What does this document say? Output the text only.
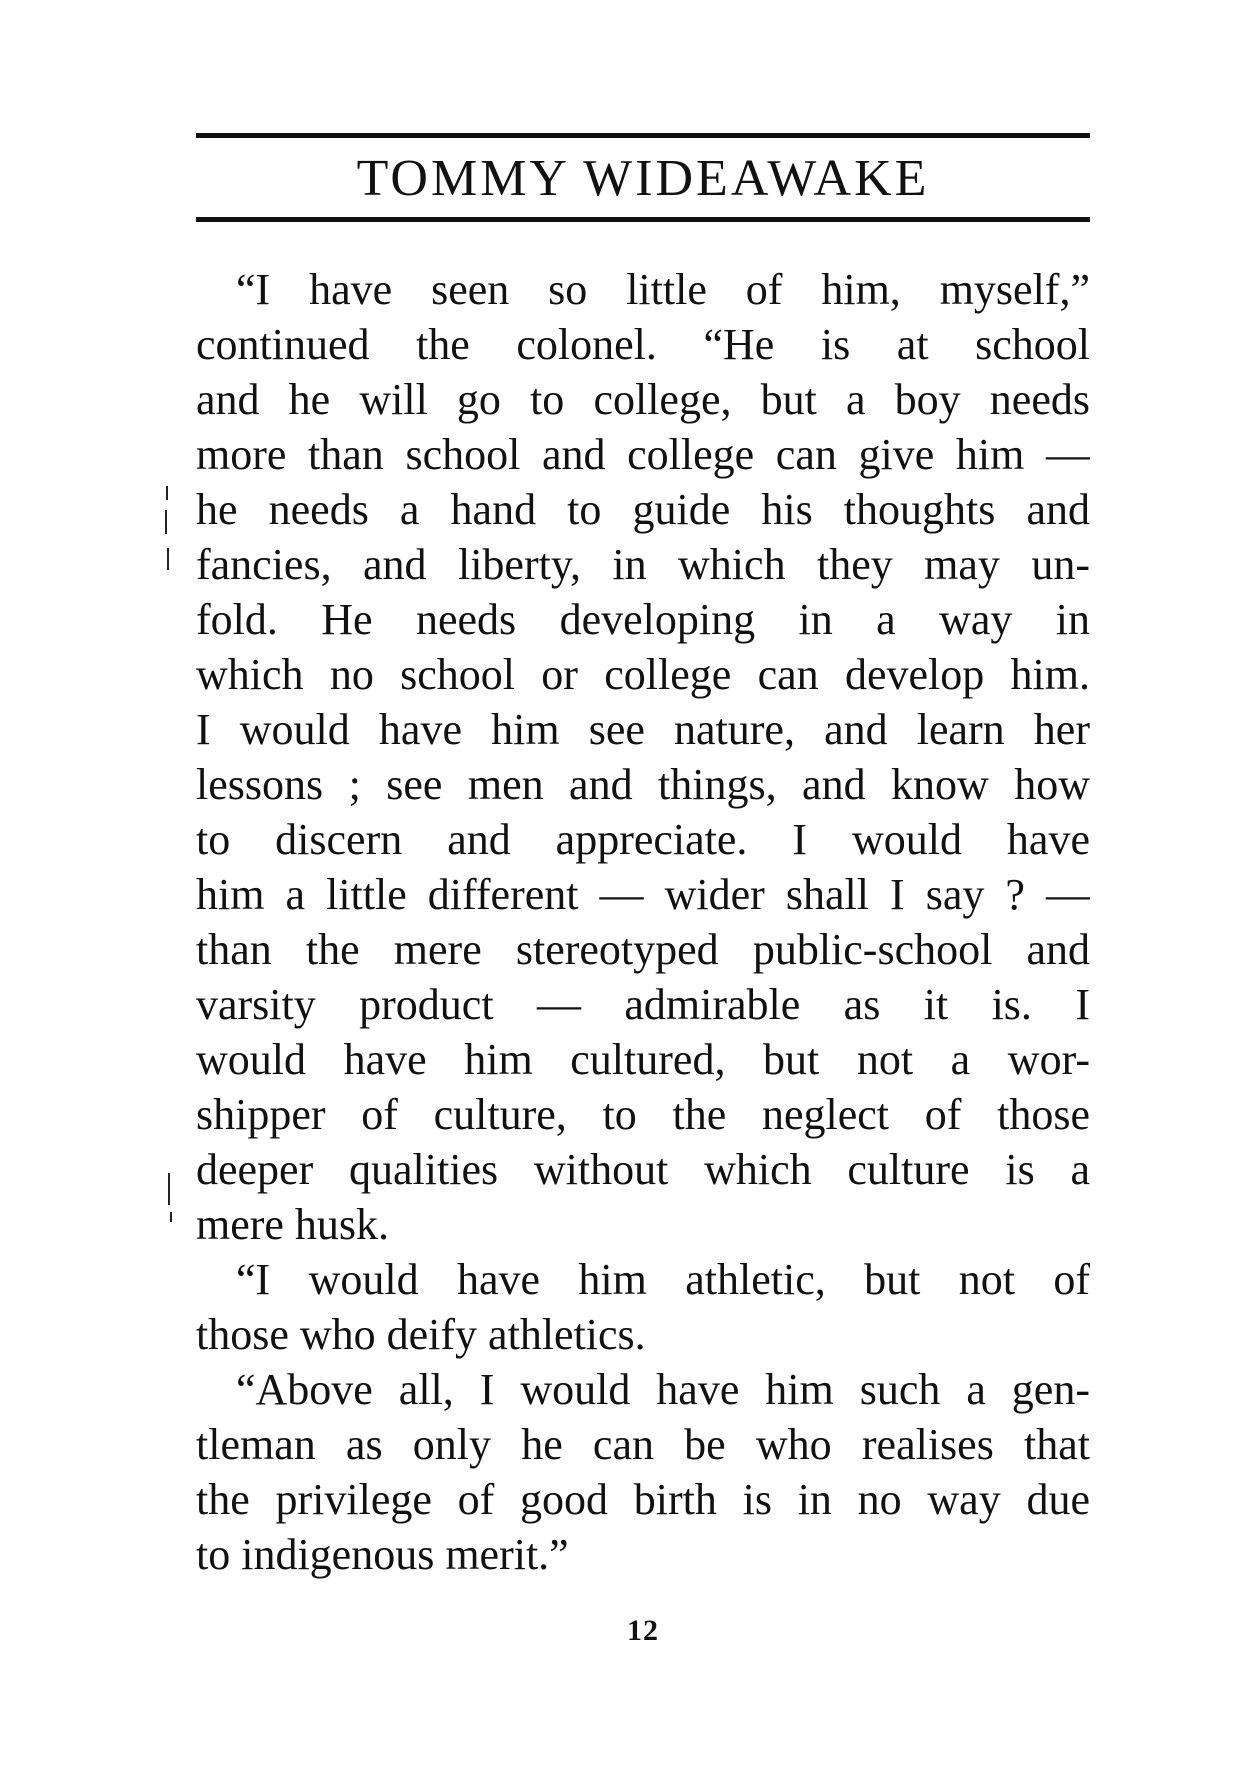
TOMMY WIDEAWAKE
“I have seen so little of him, myself,”
continued the colonel. “He is at school
and he will go to college, but a boy needs
more than school and college can give him —
he needs a hand to guide his thoughts and
fancies, and liberty, in which they may un-
fold. He needs developing in a way in
which no school or college can develop him.
I would have him see nature, and learn her
lessons ; see men and things, and know how
to discern and appreciate. I would have
him a little different — wider shall I say ? —
than the mere stereotyped public-school and
varsity product — admirable as it is. I
would have him cultured, but not a wor-
shipper of culture, to the neglect of those
deeper qualities without which culture is a
mere husk.
“I would have him athletic, but not of
those who deify athletics.
“Above all, I would have him such a gen-
tleman as only he can be who realises that
the privilege of good birth is in no way due
to indigenous merit.”
12
